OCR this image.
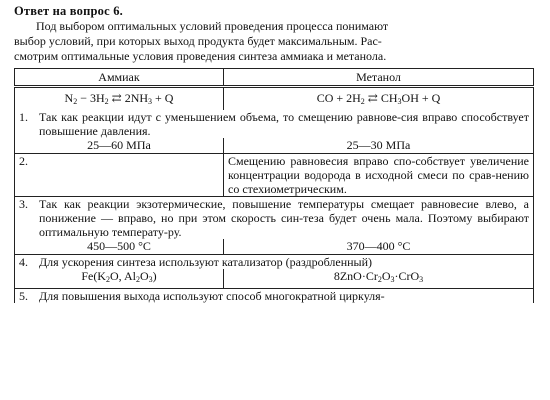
Ответ на вопрос 6.
Под выбором оптимальных условий проведения процесса понимают
выбор условий, при которых выход продукта будет максимальным. Рас-
смотрим оптимальные условия проведения синтеза аммиака и метанола.
Аммиак	Метанол
$N_2 - 3H_2$ ⇄ $2NH_3 + Q$	CO + $2H_2$ ⇄ $CH_3OH + Q$

1. Так как реакции идут с уменьшением объема, то смещению равнове-сия вправо способствует повышение давления.	

25—60 МПа	25—30 МПа

2.	Смещению равновесия вправо спо-собствует увеличение концентрации водорода в исходной смеси по срав-нению со стехиометрическим.

3. Так как реакции экзотермические, повышение температуры смещает равновесие влево, а понижение — вправо, но при этом скорость син-теза будет очень мала. Поэтому выбирают оптимальную температу-ру.	

450—500 °С	370—400 °С

4. Для ускорения синтеза используют катализатор (раздробленный)	

$Fe(K_2O$, $Al_2O_3$)	$8ZnO\cdot Cr_2O_3\cdot CrO_3$

5. Для повышения выхода используют способ многократной циркуля-	
